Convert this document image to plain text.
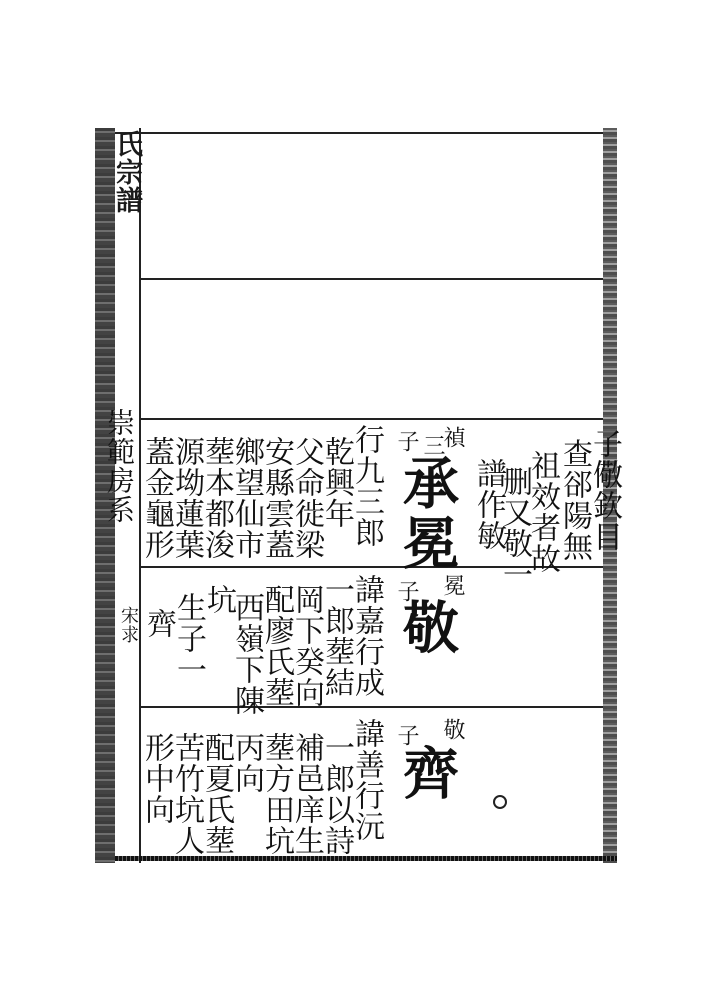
氏宗譜
崇範房系
宋求
子儆欽目
查郤陽無
祖效者故
删又敬一
譜作敏
禎
三
子
承冕
行九三郎
乾興年
父命徙梁
安縣雲蓋
鄉望仙市
塟本都浚
源坳蓮葉
蓋金龜形
冕
子
敬
諱嘉行成
一郎塟結
岡下癸向
配廖氏塟
西嶺下陳
坑
生子一
齊
敬
子
齊
諱善行沅
一郎以詩
補邑庠生
塟方田坑
丙向
配夏氏塟
苦竹坑人
形中向
